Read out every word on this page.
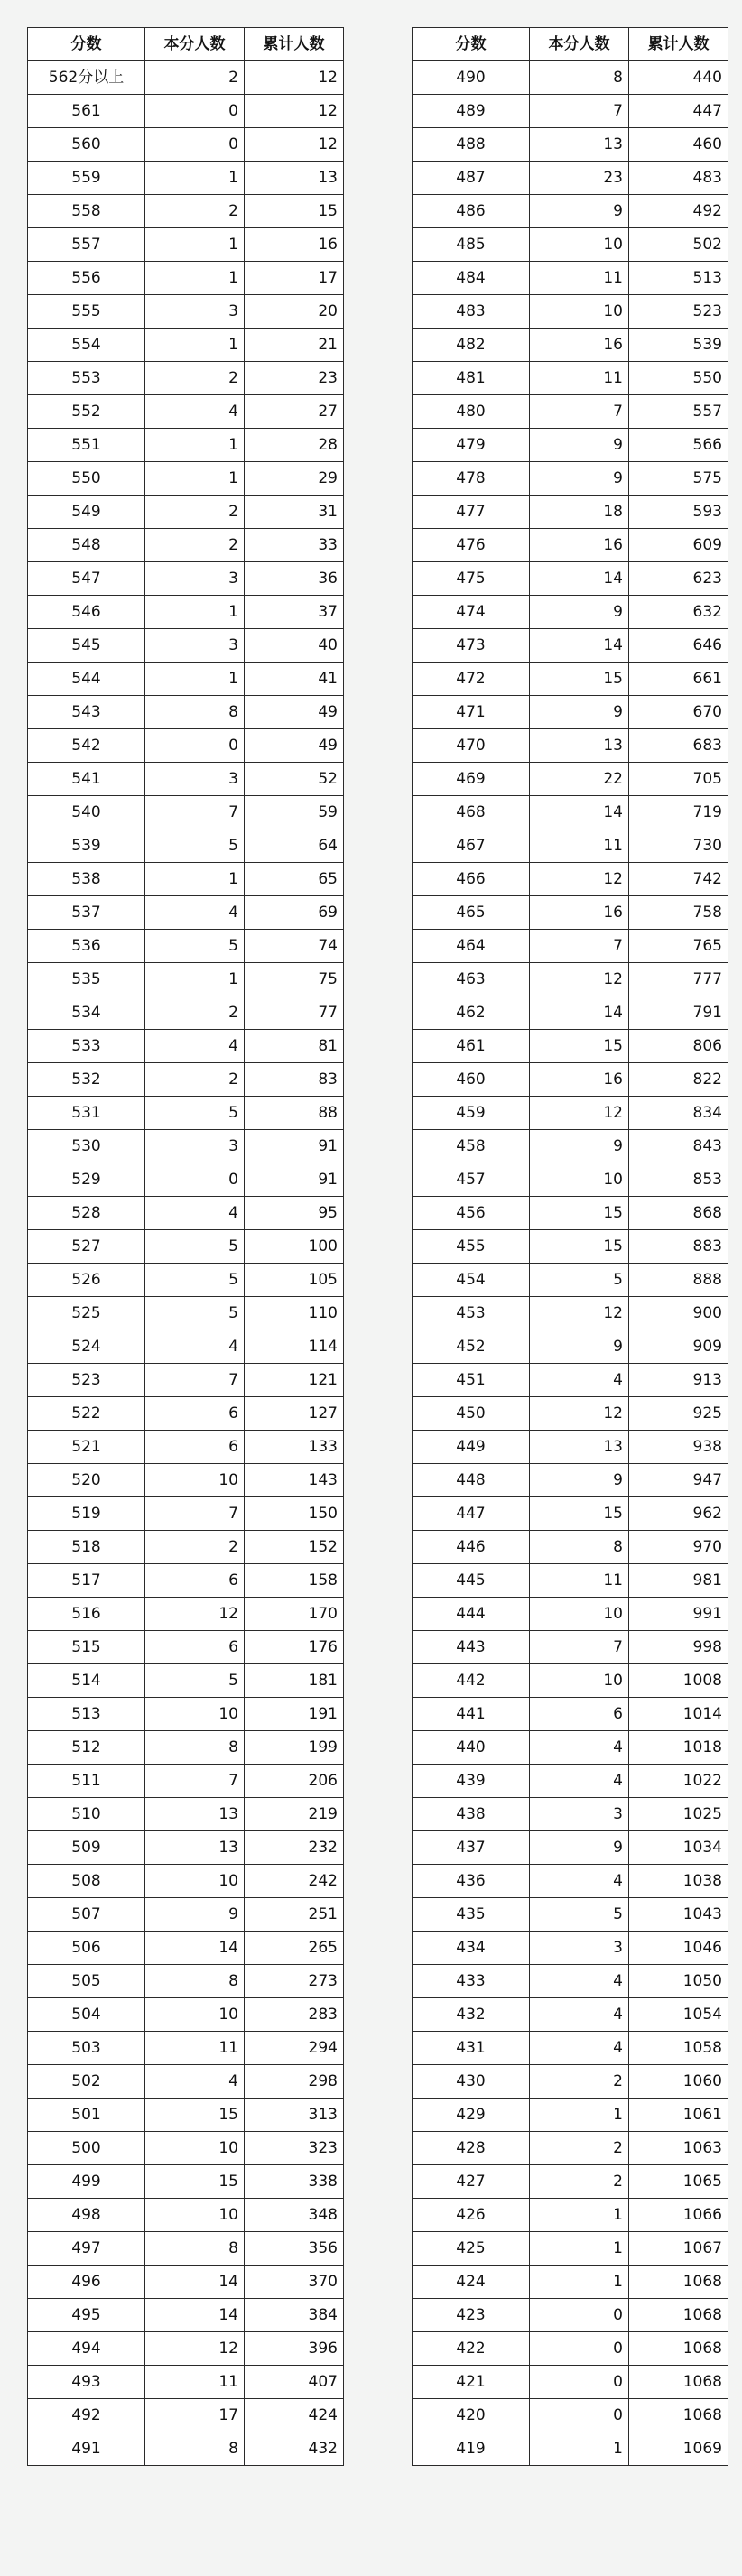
分数	本分人数	累计人数
562分以上	2	12
561	0	12
560	0	12
559	1	13
558	2	15
557	1	16
556	1	17
555	3	20
554	1	21
553	2	23
552	4	27
551	1	28
550	1	29
549	2	31
548	2	33
547	3	36
546	1	37
545	3	40
544	1	41
543	8	49
542	0	49
541	3	52
540	7	59
539	5	64
538	1	65
537	4	69
536	5	74
535	1	75
534	2	77
533	4	81
532	2	83
531	5	88
530	3	91
529	0	91
528	4	95
527	5	100
526	5	105
525	5	110
524	4	114
523	7	121
522	6	127
521	6	133
520	10	143
519	7	150
518	2	152
517	6	158
516	12	170
515	6	176
514	5	181
513	10	191
512	8	199
511	7	206
510	13	219
509	13	232
508	10	242
507	9	251
506	14	265
505	8	273
504	10	283
503	11	294
502	4	298
501	15	313
500	10	323
499	15	338
498	10	348
497	8	356
496	14	370
495	14	384
494	12	396
493	11	407
492	17	424
491	8	432
分数	本分人数	累计人数
490	8	440
489	7	447
488	13	460
487	23	483
486	9	492
485	10	502
484	11	513
483	10	523
482	16	539
481	11	550
480	7	557
479	9	566
478	9	575
477	18	593
476	16	609
475	14	623
474	9	632
473	14	646
472	15	661
471	9	670
470	13	683
469	22	705
468	14	719
467	11	730
466	12	742
465	16	758
464	7	765
463	12	777
462	14	791
461	15	806
460	16	822
459	12	834
458	9	843
457	10	853
456	15	868
455	15	883
454	5	888
453	12	900
452	9	909
451	4	913
450	12	925
449	13	938
448	9	947
447	15	962
446	8	970
445	11	981
444	10	991
443	7	998
442	10	1008
441	6	1014
440	4	1018
439	4	1022
438	3	1025
437	9	1034
436	4	1038
435	5	1043
434	3	1046
433	4	1050
432	4	1054
431	4	1058
430	2	1060
429	1	1061
428	2	1063
427	2	1065
426	1	1066
425	1	1067
424	1	1068
423	0	1068
422	0	1068
421	0	1068
420	0	1068
419	1	1069
